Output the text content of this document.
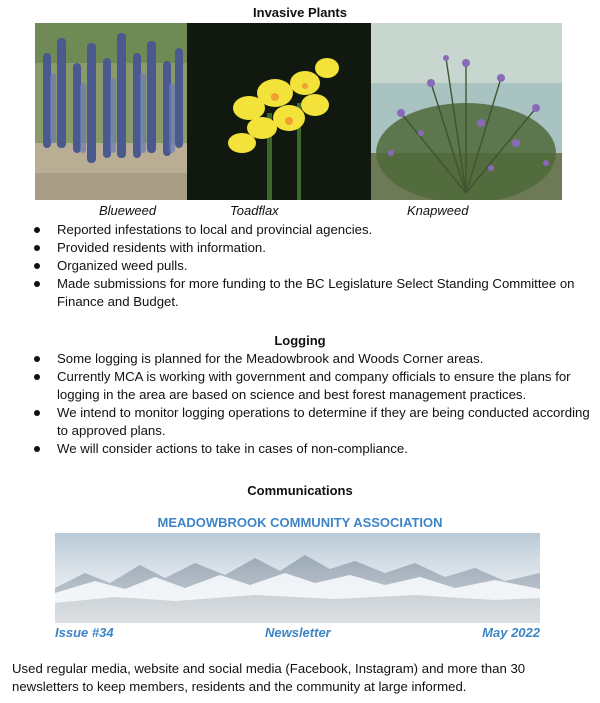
Invasive Plants
Blueweed	Toadflax	Knapweed
Reported infestations to local and provincial agencies.
Provided residents with information.
Organized weed pulls.
Made submissions for more funding to the BC Legislature Select Standing Committee on Finance and Budget.
Logging
Some logging is planned for the Meadowbrook and Woods Corner areas.
Currently MCA is working with government and company officials to ensure the plans for logging in the area are based on science and best forest management practices.
We intend to monitor logging operations to determine if they are being conducted according to approved plans.
We will consider actions to take in cases of non-compliance.
Communications
MEADOWBROOK COMMUNITY ASSOCIATION
Issue #34	Newsletter	May 2022
Used regular media, website and social media (Facebook, Instagram) and more than 30 newsletters to keep members, residents and the community at large informed.
